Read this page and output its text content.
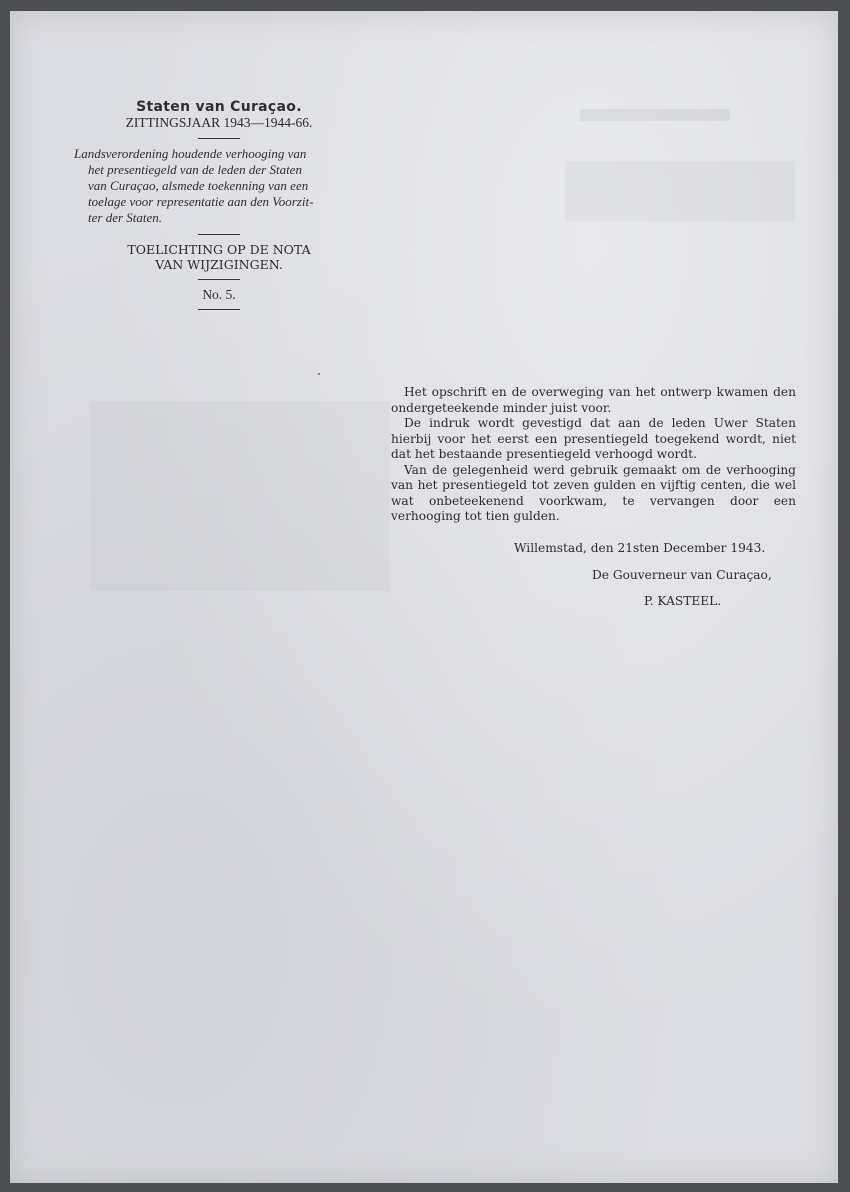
Staten van Curaçao.

ZITTINGSJAAR 1943—1944-66.

Landsverordening houdende verhooging van
het presentiegeld van de leden der Staten
van Curaçao, alsmede toekenning van een
toelage voor representatie aan den Voorzit-
ter der Staten.

TOELICHTING OP DE NOTA

VAN WIJZIGINGEN.

No. 5.

Het opschrift en de overweging van het ontwerp kwamen den ondergeteekende minder juist voor.

De indruk wordt gevestigd dat aan de leden Uwer Staten hierbij voor het eerst een presentiegeld toegekend wordt, niet dat het bestaande presentiegeld verhoogd wordt.

Van de gelegenheid werd gebruik gemaakt om de verhooging van het presentiegeld tot zeven gulden en vijftig centen, die wel wat onbeteekenend voorkwam, te vervangen door een verhooging tot tien gulden.

Willemstad, den 21sten December 1943.

De Gouverneur van Curaçao,

P. KASTEEL.
